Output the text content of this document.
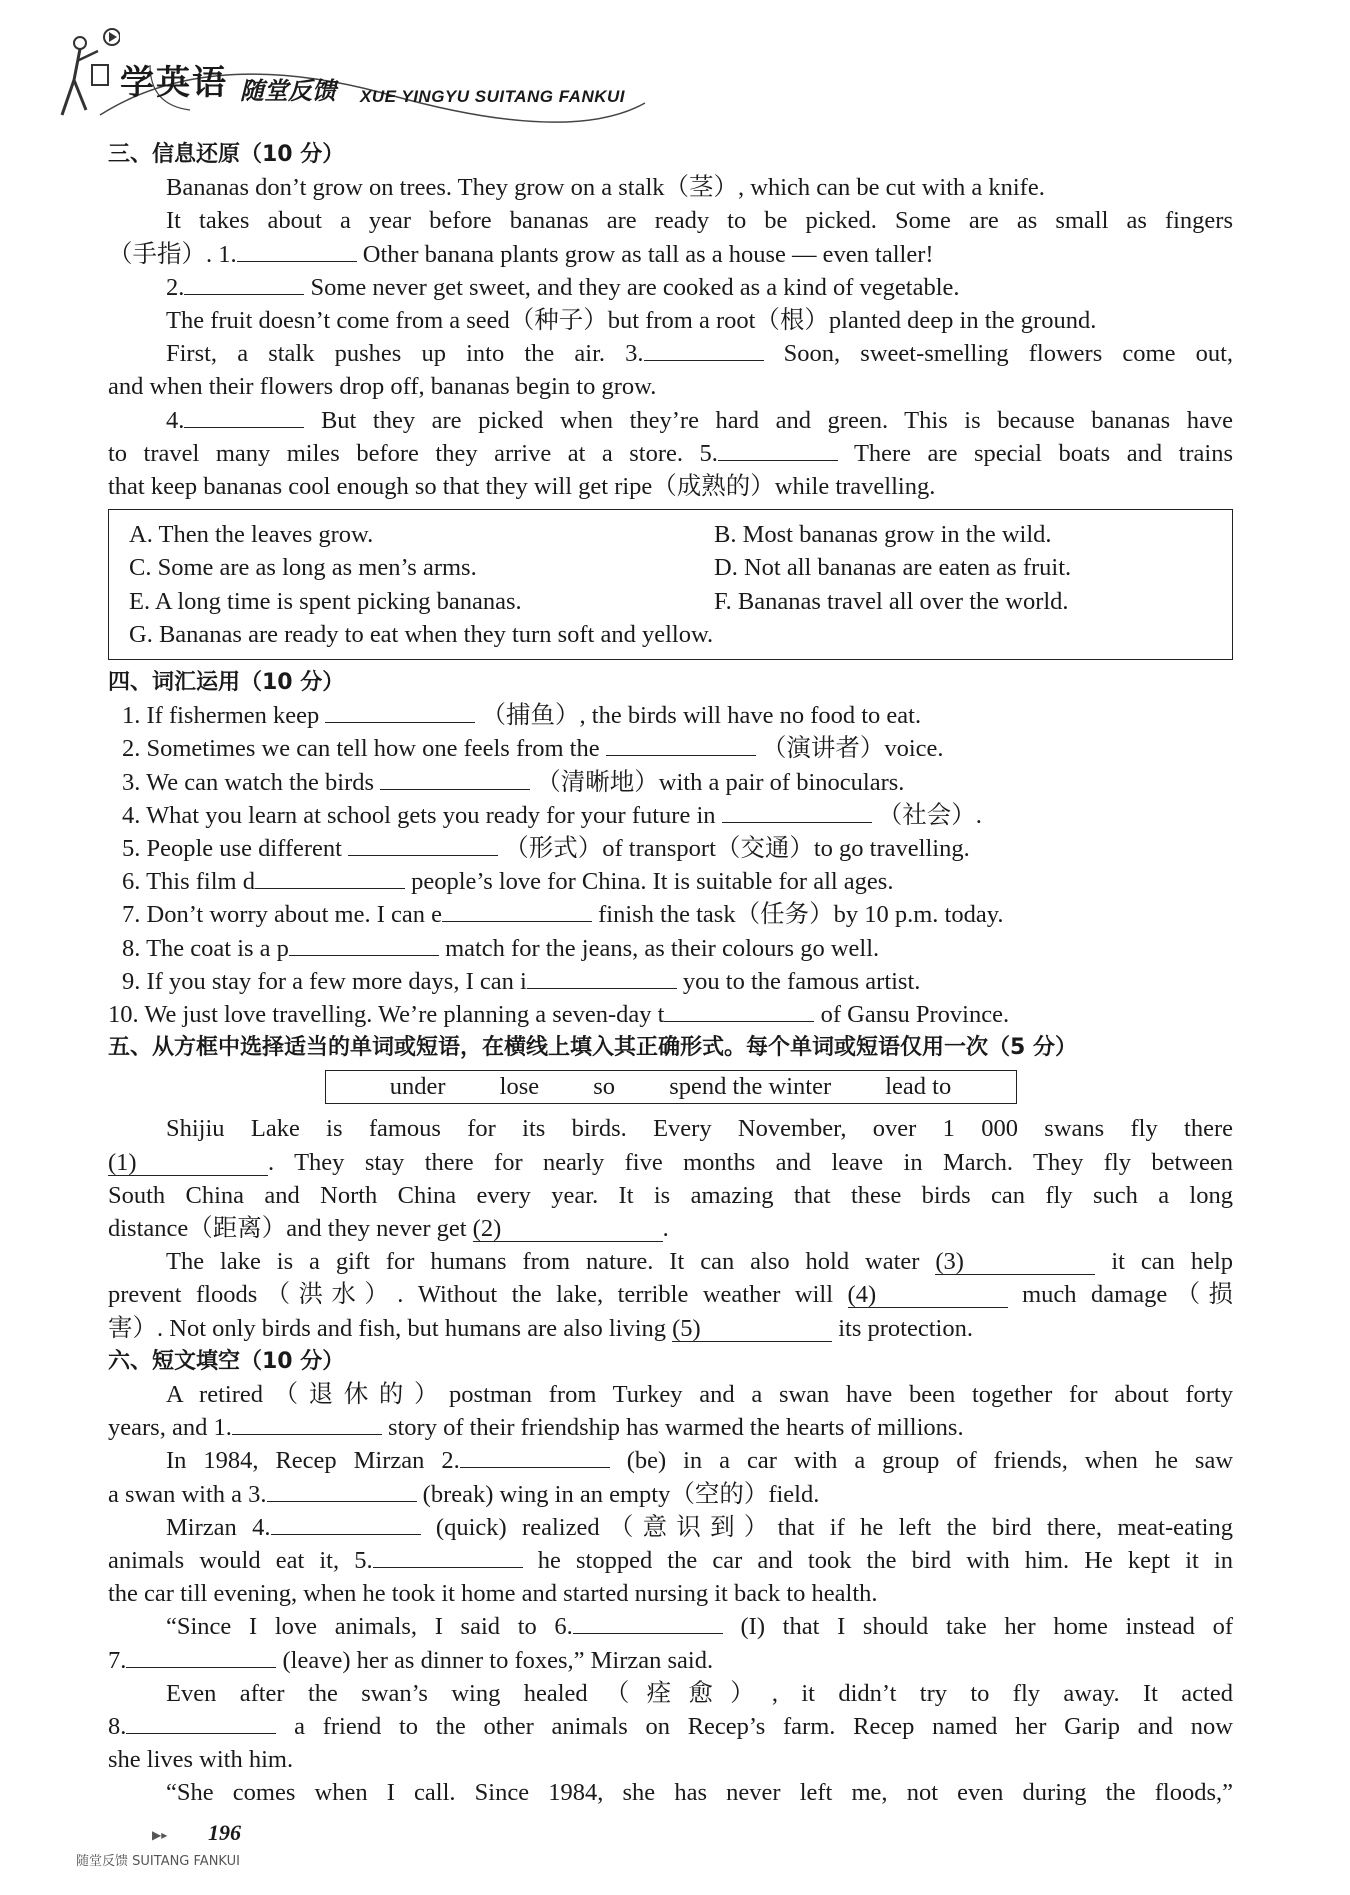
学英语 随堂反馈 XUE YINGYU SUITANG FANKUI
三、信息还原（10 分）

Bananas don’t grow on trees. They grow on a stalk（茎）, which can be cut with a knife.

It takes about a year before bananas are ready to be picked. Some are as small as fingers

（手指）. 1.	Other banana plants grow as tall as a house — even taller!

2.	Some never get sweet, and they are cooked as a kind of vegetable.

The fruit doesn’t come from a seed（种子）but from a root（根）planted deep in the ground.

First, a stalk pushes up into the air. 3.	Soon, sweet-smelling flowers come out,

and when their flowers drop off, bananas begin to grow.

4.	But they are picked when they’re hard and green. This is because bananas have

to travel many miles before they arrive at a store. 5.	There are special boats and trains

that keep bananas cool enough so that they will get ripe（成熟的）while travelling.

A. Then the leaves grow.	B. Most bananas grow in the wild.
C. Some are as long as men’s arms.	D. Not all bananas are eaten as fruit.
E. A long time is spent picking bananas.	F. Bananas travel all over the world.
G. Bananas are ready to eat when they turn soft and yellow.
四、词汇运用（10 分）
1. If fishermen keep	（捕鱼）, the birds will have no food to eat.
2. Sometimes we can tell how one feels from the	（演讲者）voice.
3. We can watch the birds	（清晰地）with a pair of binoculars.
4. What you learn at school gets you ready for your future in	（社会）.
5. People use different	（形式）of transport（交通）to go travelling.
6. This film d	people’s love for China. It is suitable for all ages.
7. Don’t worry about me. I can e	finish the task（任务）by 10 p.m. today.
8. The coat is a p	match for the jeans, as their colours go well.
9. If you stay for a few more days, I can i	you to the famous artist.
10. We just love travelling. We’re planning a seven-day t	of Gansu Province.
五、从方框中选择适当的单词或短语，在横线上填入其正确形式。每个单词或短语仅用一次（5 分）
under lose so spend the winter lead to

Shijiu Lake is famous for its birds. Every November, over 1 000 swans fly there

(1)	. They stay there for nearly five months and leave in March. They fly between

South China and North China every year. It is amazing that these birds can fly such a long

distance（距离）and they never get (2)	.

The lake is a gift for humans from nature. It can also hold water (3)	it can help

prevent floods（洪水）. Without the lake, terrible weather will (4)	much damage（损

害）. Not only birds and fish, but humans are also living (5)	its protection.

六、短文填空（10 分）

A retired（退休的）postman from Turkey and a swan have been together for about forty

years, and 1.	story of their friendship has warmed the hearts of millions.

In 1984, Recep Mirzan 2.	(be) in a car with a group of friends, when he saw

a swan with a 3.	(break) wing in an empty（空的）field.

Mirzan 4.	(quick) realized（意识到）that if he left the bird there, meat-eating

animals would eat it, 5.	he stopped the car and took the bird with him. He kept it in

the car till evening, when he took it home and started nursing it back to health.

“Since I love animals, I said to 6.	(I) that I should take her home instead of

7.	(leave) her as dinner to foxes,” Mirzan said.

Even after the swan’s wing healed（痊愈）, it didn’t try to fly away. It acted

8.	a friend to the other animals on Recep’s farm. Recep named her Garip and now

she lives with him.

“She comes when I call. Since 1984, she has never left me, not even during the floods,”

▶▸ 196
随堂反馈 SUITANG FANKUI
